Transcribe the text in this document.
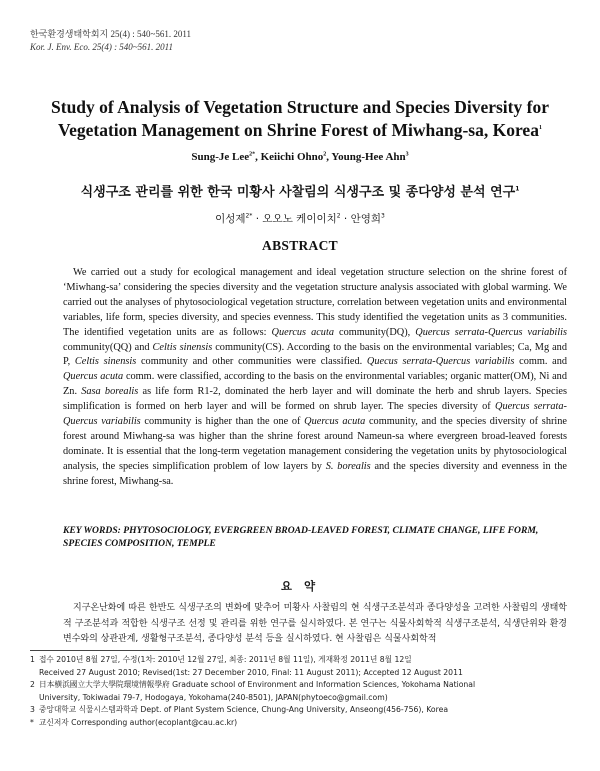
한국환경생태학회지 25(4) : 540~561. 2011
Kor. J. Env. Eco. 25(4) : 540~561. 2011
Study of Analysis of Vegetation Structure and Species Diversity for
Vegetation Management on Shrine Forest of Miwhang-sa, Korea$^1$
Sung-Je Lee$^{2*}$, Keiichi Ohno$^2$, Young-Hee Ahn$^3$
식생구조 관리를 위한 한국 미황사 사찰림의 식생구조 및 종다양성 분석 연구$^1$
이성제$^{2*}$ · 오오노 케이이치$^2$ · 안영희$^3$
ABSTRACT

We carried out a study for ecological management and ideal vegetation structure selection on the shrine forest of ‘Miwhang-sa’ considering the species diversity and the vegetation structure analysis associated with global warming. We carried out the analyses of phytosociological vegetation structure, correlation between vegetation units and environmental variables, life form, species diversity, and species evenness. This study identified the vegetation units as 3 communities. The identified vegetation units are as follows: Quercus acuta community(DQ), Quercus serrata-Quercus variabilis community(QQ) and Celtis sinensis community(CS). According to the basis on the environmental variables; Ca, Mg and P, Celtis sinensis community and other communities were classified. Quecus serrata-Quercus variabilis comm. and Quercus acuta comm. were classified, according to the basis on the environmental variables; organic matter(OM), Ni and Zn. Sasa borealis as life form R1-2, dominated the herb layer and will dominate the herb and shrub layers. Species simplification is formed on herb layer and will be formed on shrub layer. The species diversity of Quercus serrata-Quercus variabilis community is higher than the one of Quercus acuta community, and the species diversity of shrine forest around Miwhang-sa was higher than the shrine forest around Nameun-sa where evergreen broad-leaved forests dominate. It is essential that the long-term vegetation management considering the vegetation units by phytosociological analysis, the species simplification problem of low layers by S. borealis and the species diversity and evenness in the shrine forest, Miwhang-sa.

KEY WORDS: PHYTOSOCIOLOGY, EVERGREEN BROAD-LEAVED FOREST, CLIMATE CHANGE, LIFE FORM, SPECIES COMPOSITION, TEMPLE
요 약

지구온난화에 따른 한반도 식생구조의 변화에 맞추어 미황사 사찰림의 현 식생구조분석과 종다양성을 고려한 사찰림의 생태학적 구조분석과 적합한 식생구조 선정 및 관리를 위한 연구를 실시하였다. 본 연구는 식물사회학적 식생구조분석, 식생단위와 환경변수와의 상관관계, 생활형구조분석, 종다양성 분석 등을 실시하였다. 현 사찰림은 식물사회학적

1 접수 2010년 8월 27일, 수정(1차: 2010년 12월 27일, 최종: 2011년 8월 11일), 게재확정 2011년 8월 12일
Received 27 August 2010; Revised(1st: 27 December 2010, Final: 11 August 2011); Accepted 12 August 2011
2 日本横浜國立大学大學院環境情報學府 Graduate school of Environment and Information Sciences, Yokohama National
University, Tokiwadai 79-7, Hodogaya, Yokohama(240-8501), JAPAN(phytoeco@gmail.com)
3 중앙대학교 식물시스템과학과 Dept. of Plant System Science, Chung-Ang University, Anseong(456-756), Korea
* 교신저자 Corresponding author(ecoplant@cau.ac.kr)
